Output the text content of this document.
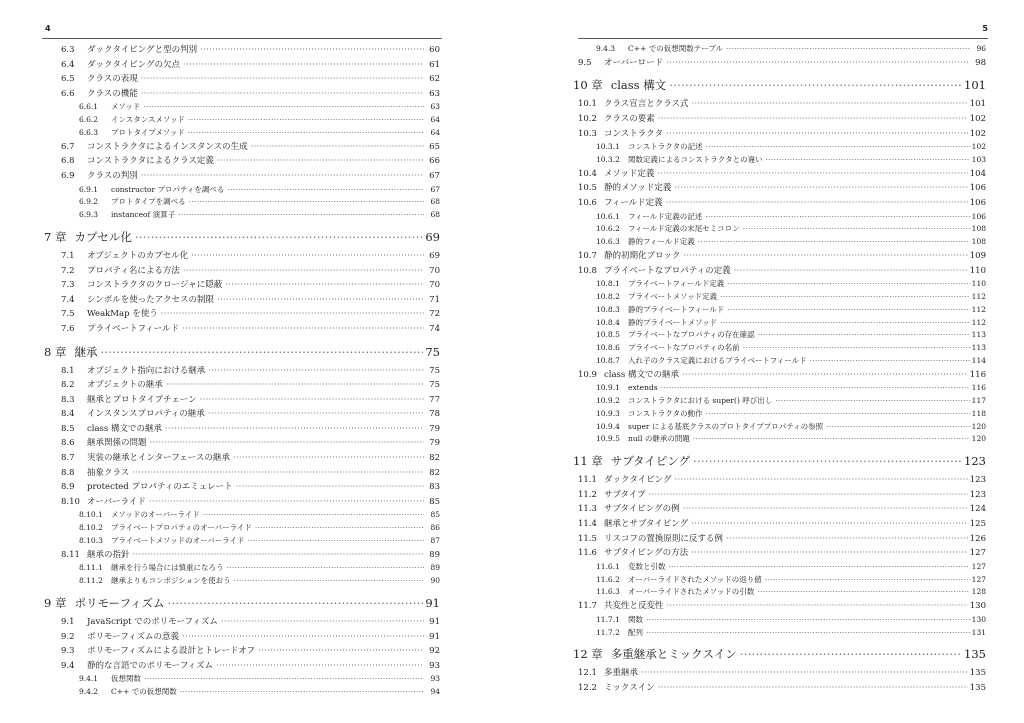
4
6.3	ダックタイピングと型の判別 ·····	60
6.4	ダックタイピングの欠点 ·····	61
6.5	クラスの表現 ·····	62
6.6	クラスの機能 ·····	63
6.6.1	メソッド ·····	63
6.6.2	インスタンスメソッド ·····	64
6.6.3	プロトタイプメソッド ·····	64
6.7	コンストラクタによるインスタンスの生成 ·····	65
6.8	コンストラクタによるクラス定義 ·····	66
6.9	クラスの判別 ·····	67
6.9.1	constructor プロパティを調べる ·····	67
6.9.2	プロトタイプを調べる ·····	68
6.9.3	instanceof 演算子 ·····	68
7 章 カプセル化 ·····	69
7.1	オブジェクトのカプセル化 ·····	69
7.2	プロパティ名による方法 ·····	70
7.3	コンストラクタのクロージャに隠蔽 ·····	70
7.4	シンボルを使ったアクセスの制限 ·····	71
7.5	WeakMap を使う ·····	72
7.6	プライベートフィールド ·····	74
8 章 継承 ·····	75
8.1	オブジェクト指向における継承 ·····	75
8.2	オブジェクトの継承 ·····	75
8.3	継承とプロトタイプチェーン ·····	77
8.4	インスタンスプロパティの継承 ·····	78
8.5	class 構文での継承 ·····	79
8.6	継承関係の問題 ·····	79
8.7	実装の継承とインターフェースの継承 ·····	82
8.8	抽象クラス ·····	82
8.9	protected プロパティのエミュレート ·····	83
8.10 オーバーライド ·····	85
8.10.1	メソッドのオーバーライド ·····	85
8.10.2	プライベートプロパティのオーバーライド ·····	86
8.10.3	プライベートメソッドのオーバーライド ·····	87
8.11 継承の指針 ·····	89
8.11.1	継承を行う場合には慎重になろう ·····	89
8.11.2	継承よりもコンポジションを使おう ·····	90
9 章 ポリモーフィズム ·····	91
9.1	JavaScript でのポリモーフィズム ·····	91
9.2	ポリモーフィズムの意義 ·····	91
9.3	ポリモーフィズムによる設計とトレードオフ ·····	92
9.4	静的な言語でのポリモーフィズム ·····	93
9.4.1	仮想関数 ·····	93
9.4.2	C++ での仮想関数 ·····	94
5
9.4.3	C++ での仮想関数テーブル ·····	96
9.5	オーバーロード ·····	98
10 章 class 構文 ·····	101
10.1 クラス宣言とクラス式 ·····	101
10.2 クラスの要素 ·····	102
10.3 コンストラクタ ·····	102
10.3.1	コンストラクタの記述 ·····	102
10.3.2	関数定義によるコンストラクタとの違い ·····	103
10.4 メソッド定義 ·····	104
10.5 静的メソッド定義 ·····	106
10.6 フィールド定義 ·····	106
10.6.1	フィールド定義の記述 ·····	106
10.6.2	フィールド定義の末尾セミコロン ·····	108
10.6.3	静的フィールド定義 ·····	108
10.7 静的初期化ブロック ·····	109
10.8 プライベートなプロパティの定義 ·····	110
10.8.1	プライベートフィールド定義 ·····	110
10.8.2	プライベートメソッド定義 ·····	112
10.8.3	静的プライベートフィールド ·····	112
10.8.4	静的プライベートメソッド ·····	112
10.8.5	プライベートなプロパティの存在確認 ·····	113
10.8.6	プライベートなプロパティの名前 ·····	113
10.8.7	入れ子のクラス定義におけるプライベートフィールド ·····	114
10.9 class 構文での継承 ·····	116
10.9.1	extends ·····	116
10.9.2	コンストラクタにおける super() 呼び出し ·····	117
10.9.3	コンストラクタの動作 ·····	118
10.9.4	super による基底クラスのプロトタイププロパティの参照 ·····	120
10.9.5	null の継承の問題 ·····	120
11 章 サブタイピング ·····	123
11.1 ダックタイピング ·····	123
11.2 サブタイプ ·····	123
11.3 サブタイピングの例 ·····	124
11.4 継承とサブタイピング ·····	125
11.5 リスコフの置換原則に反する例 ·····	126
11.6 サブタイピングの方法 ·····	127
11.6.1	変数と引数 ·····	127
11.6.2	オーバーライドされたメソッドの返り値 ·····	127
11.6.3	オーバーライドされたメソッドの引数 ·····	128
11.7 共変性と反変性 ·····	130
11.7.1	関数 ·····	130
11.7.2	配列 ·····	131
12 章 多重継承とミックスイン ·····	135
12.1 多重継承 ·····	135
12.2 ミックスイン ·····	135
